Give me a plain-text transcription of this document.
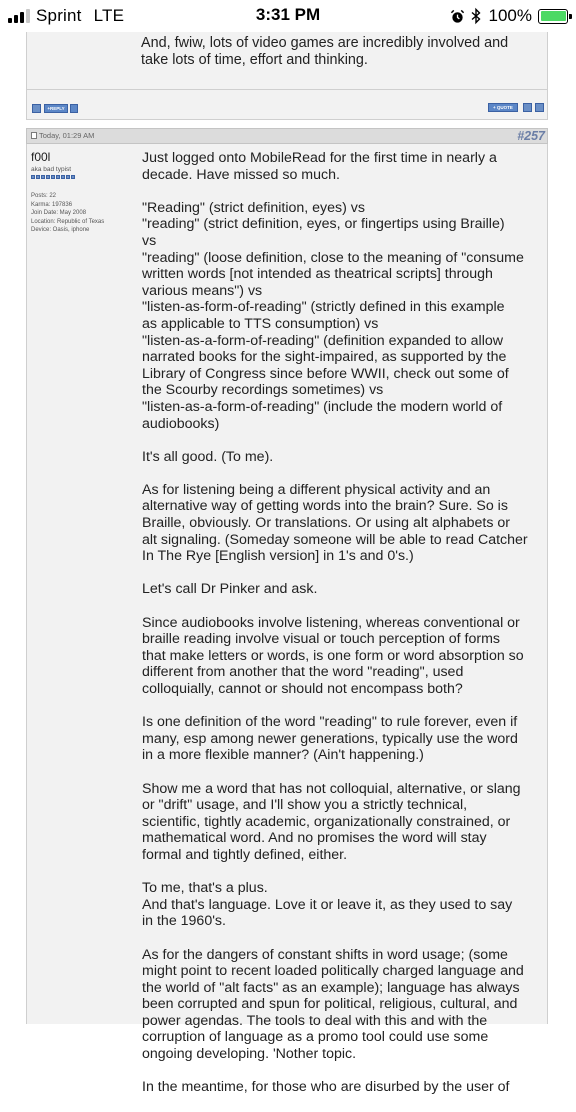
Sprint LTE	3:31 PM	100%
And, fwiw, lots of video games are incredibly involved and
take lots of time, effort and thinking.
+REPLY	+ QUOTE
Today, 01:29 AM	#257
f00l
aka bad typist
Posts: 22
Karma: 197836
Join Date: May 2008
Location: Republic of Texas
Device: Oasis, iphone

Just logged onto MobileRead for the first time in nearly a
decade. Have missed so much.

"Reading" (strict definition, eyes) vs
"reading" (strict definition, eyes, or fingertips using Braille)
vs
"reading" (loose definition, close to the meaning of "consume
written words [not intended as theatrical scripts] through
various means") vs
"listen-as-form-of-reading" (strictly defined in this example
as applicable to TTS consumption) vs
"listen-as-a-form-of-reading" (definition expanded to allow
narrated books for the sight-impaired, as supported by the
Library of Congress since before WWII, check out some of
the Scourby recordings sometimes) vs
"listen-as-a-form-of-reading" (include the modern world of
audiobooks)

It's all good. (To me).

As for listening being a different physical activity and an
alternative way of getting words into the brain? Sure. So is
Braille, obviously. Or translations. Or using alt alphabets or
alt signaling. (Someday someone will be able to read Catcher
In The Rye [English version] in 1's and 0's.)

Let's call Dr Pinker and ask.

Since audiobooks involve listening, whereas conventional or
braille reading involve visual or touch perception of forms
that make letters or words, is one form or word absorption so
different from another that the word "reading", used
colloquially, cannot or should not encompass both?

Is one definition of the word "reading" to rule forever, even if
many, esp among newer generations, typically use the word
in a more flexible manner? (Ain't happening.)

Show me a word that has not colloquial, alternative, or slang
or "drift" usage, and I'll show you a strictly technical,
scientific, tightly academic, organizationally constrained, or
mathematical word. And no promises the word will stay
formal and tightly defined, either.

To me, that's a plus.
And that's language. Love it or leave it, as they used to say
in the 1960's.

As for the dangers of constant shifts in word usage; (some
might point to recent loaded politically charged language and
the world of "alt facts" as an example); language has always
been corrupted and spun for political, religious, cultural, and
power agendas. The tools to deal with this and with the
corruption of language as a promo tool could use some
ongoing developing. 'Nother topic.

In the meantime, for those who are disurbed by the user of
